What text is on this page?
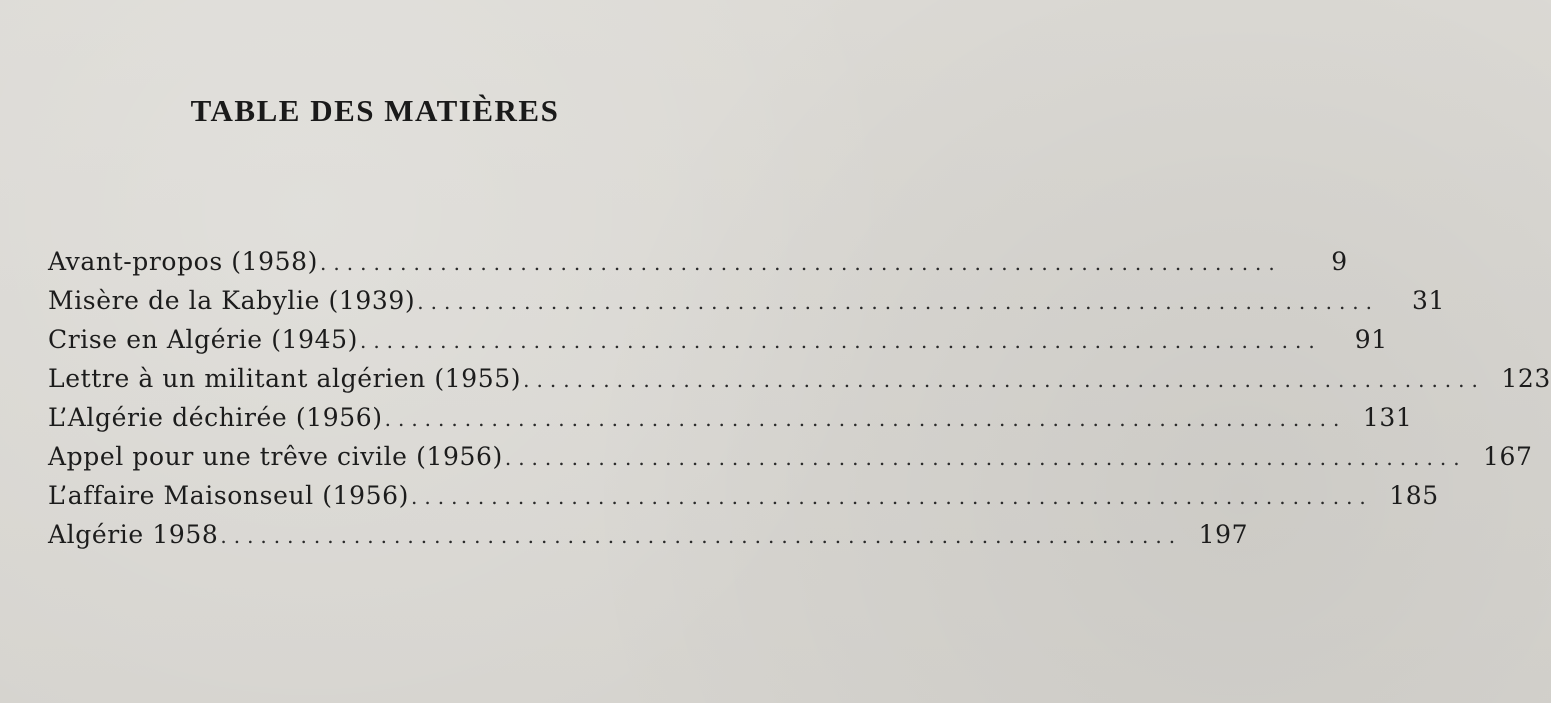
TABLE DES MATIÈRES
Avant-propos (1958) ........................................................................	9
Misère de la Kabylie (1939) ........................................................................	31
Crise en Algérie (1945) ........................................................................	91
Lettre à un militant algérien (1955) ........................................................................ 123
L’Algérie déchirée (1956) ........................................................................ 131
Appel pour une trêve civile (1956) ........................................................................ 167
L’affaire Maisonseul (1956) ........................................................................ 185
Algérie 1958 ........................................................................ 197
